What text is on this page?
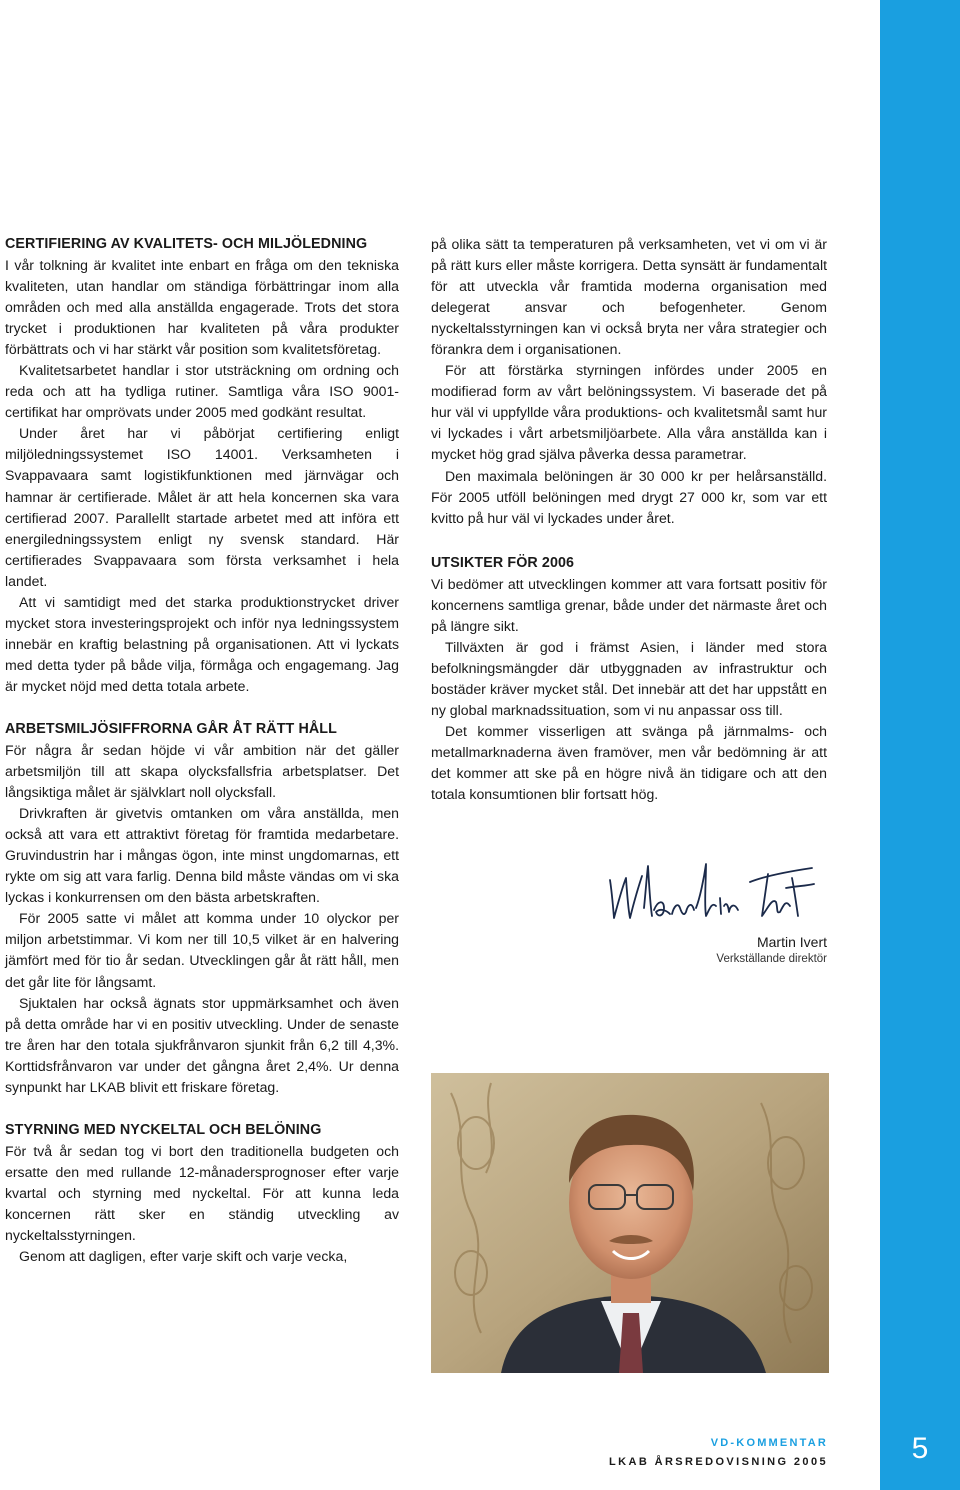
CERTIFIERING AV KVALITETS- OCH MILJÖLEDNING

I vår tolkning är kvalitet inte enbart en fråga om den tekniska kvaliteten, utan handlar om ständiga förbättringar inom alla områden och med alla anställda engagerade. Trots det stora trycket i produktionen har kvaliteten på våra produkter förbättrats och vi har stärkt vår position som kvalitetsföretag.

Kvalitetsarbetet handlar i stor utsträckning om ordning och reda och att ha tydliga rutiner. Samtliga våra ISO 9001-certifikat har omprövats under 2005 med godkänt resultat.

Under året har vi påbörjat certifiering enligt miljöledningssystemet ISO 14001. Verksamheten i Svappavaara samt logistikfunktionen med järnvägar och hamnar är certifierade. Målet är att hela koncernen ska vara certifierad 2007. Parallellt startade arbetet med att införa ett energiledningssystem enligt ny svensk standard. Här certifierades Svappavaara som första verksamhet i hela landet.

Att vi samtidigt med det starka produktionstrycket driver mycket stora investeringsprojekt och inför nya ledningssystem innebär en kraftig belastning på organisationen. Att vi lyckats med detta tyder på både vilja, förmåga och engagemang. Jag är mycket nöjd med detta totala arbete.

ARBETSMILJÖSIFFRORNA GÅR ÅT RÄTT HÅLL

För några år sedan höjde vi vår ambition när det gäller arbetsmiljön till att skapa olycksfallsfria arbetsplatser. Det långsiktiga målet är självklart noll olycksfall.

Drivkraften är givetvis omtanken om våra anställda, men också att vara ett attraktivt företag för framtida medarbetare. Gruvindustrin har i mångas ögon, inte minst ungdomarnas, ett rykte om sig att vara farlig. Denna bild måste vändas om vi ska lyckas i konkurrensen om den bästa arbetskraften.

För 2005 satte vi målet att komma under 10 olyckor per miljon arbetstimmar. Vi kom ner till 10,5 vilket är en halvering jämfört med för tio år sedan. Utvecklingen går åt rätt håll, men det går lite för långsamt.

Sjuktalen har också ägnats stor uppmärksamhet och även på detta område har vi en positiv utveckling. Under de senaste tre åren har den totala sjukfrånvaron sjunkit från 6,2 till 4,3%. Korttidsfrånvaron var under det gångna året 2,4%. Ur denna synpunkt har LKAB blivit ett friskare företag.

STYRNING MED NYCKELTAL OCH BELÖNING

För två år sedan tog vi bort den traditionella budgeten och ersatte den med rullande 12-månadersprognoser efter varje kvartal och styrning med nyckeltal. För att kunna leda koncernen rätt sker en ständig utveckling av nyckeltalsstyrningen.

Genom att dagligen, efter varje skift och varje vecka,

på olika sätt ta temperaturen på verksamheten, vet vi om vi är på rätt kurs eller måste korrigera. Detta synsätt är fundamentalt för att utveckla vår framtida moderna organisation med delegerat ansvar och befogenheter. Genom nyckeltalsstyrningen kan vi också bryta ner våra strategier och förankra dem i organisationen.

För att förstärka styrningen infördes under 2005 en modifierad form av vårt belöningssystem. Vi baserade det på hur väl vi uppfyllde våra produktions- och kvalitetsmål samt hur vi lyckades i vårt arbetsmiljöarbete. Alla våra anställda kan i mycket hög grad själva påverka dessa parametrar.

Den maximala belöningen är 30 000 kr per helårsanställd. För 2005 utföll belöningen med drygt 27 000 kr, som var ett kvitto på hur väl vi lyckades under året.

UTSIKTER FÖR 2006

Vi bedömer att utvecklingen kommer att vara fortsatt positiv för koncernens samtliga grenar, både under det närmaste året och på längre sikt.

Tillväxten är god i främst Asien, i länder med stora befolkningsmängder där utbyggnaden av infrastruktur och bostäder kräver mycket stål. Det innebär att det har uppstått en ny global marknadssituation, som vi nu anpassar oss till.

Det kommer visserligen att svänga på järnmalms- och metallmarknaderna även framöver, men vår bedömning är att det kommer att ske på en högre nivå än tidigare och att den totala konsumtionen blir fortsatt hög.

Martin Ivert
Verkställande direktör
VD-KOMMENTAR
LKAB ÅRSREDOVISNING 2005	5
